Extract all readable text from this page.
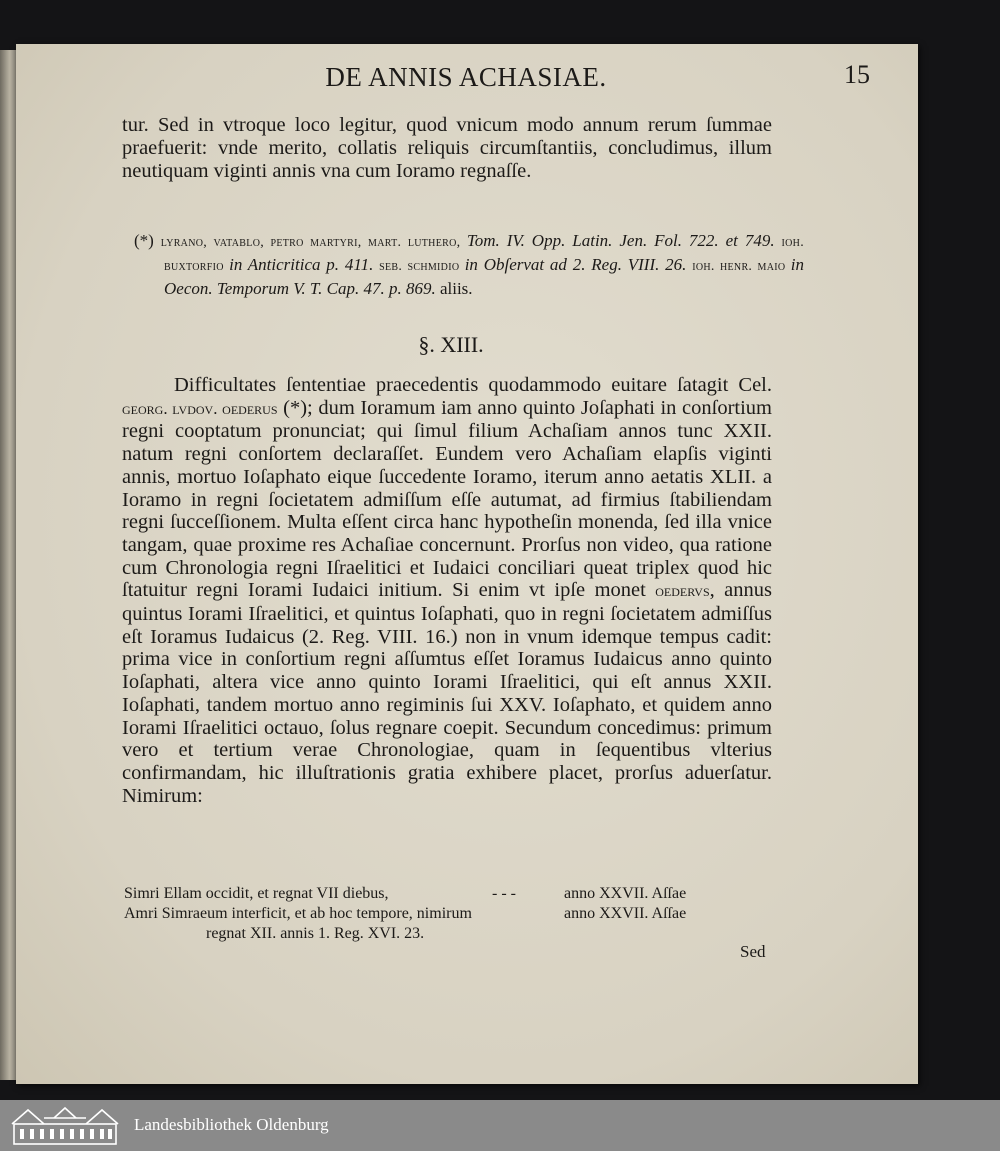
DE ANNIS ACHASIAE.	15
tur. Sed in vtroque loco legitur, quod vnicum modo annum rerum ſummae praefuerit: vnde merito, collatis reliquis circumſtantiis, concludimus, illum neutiquam viginti annis vna cum Ioramo regnaſſe.
(*) lyrano, vatablo, petro martyri, mart. luthero, Tom. IV. Opp. Latin. Jen. Fol. 722. et 749. ioh. buxtorfio in Anticritica p. 411. seb. schmidio in Obſervat ad 2. Reg. VIII. 26. ioh. henr. maio in Oecon. Temporum V. T. Cap. 47. p. 869. aliis.
§. XIII.
Difficultates ſententiae praecedentis quodammodo euitare ſatagit Cel. georg. lvdov. oederus (*); dum Ioramum iam anno quinto Joſaphati in conſortium regni cooptatum pronunciat; qui ſimul filium Achaſiam annos tunc XXII. natum regni conſortem declaraſſet. Eundem vero Achaſiam elapſis viginti annis, mortuo Ioſaphato eique ſuccedente Ioramo, iterum anno aetatis XLII. a Ioramo in regni ſocietatem admiſſum eſſe autumat, ad firmius ſtabiliendam regni ſucceſſionem. Multa eſſent circa hanc hypotheſin monenda, ſed illa vnice tangam, quae proxime res Achaſiae concernunt. Prorſus non video, qua ratione cum Chronologia regni Iſraelitici et Iudaici conciliari queat triplex quod hic ſtatuitur regni Iorami Iudaici initium. Si enim vt ipſe monet oedervs, annus quintus Iorami Iſraelitici, et quintus Ioſaphati, quo in regni ſocietatem admiſſus eſt Ioramus Iudaicus (2. Reg. VIII. 16.) non in vnum idemque tempus cadit: prima vice in conſortium regni aſſumtus eſſet Ioramus Iudaicus anno quinto Ioſaphati, altera vice anno quinto Iorami Iſraelitici, qui eſt annus XXII. Ioſaphati, tandem mortuo anno regiminis ſui XXV. Ioſaphato, et quidem anno Iorami Iſraelitici octauo, ſolus regnare coepit. Secundum concedimus: primum vero et tertium verae Chronologiae, quam in ſequentibus vlterius confirmandam, hic illuſtrationis gratia exhibere placet, prorſus aduerſatur. Nimirum:
Simri Ellam occidit, et regnat VII diebus,	- - -	anno XXVII. Aſſae
Amri Simraeum interficit, et ab hoc tempore, nimirum	anno XXVII. Aſſae
regnat XII. annis 1. Reg. XVI. 23.
Sed
Landesbibliothek Oldenburg
